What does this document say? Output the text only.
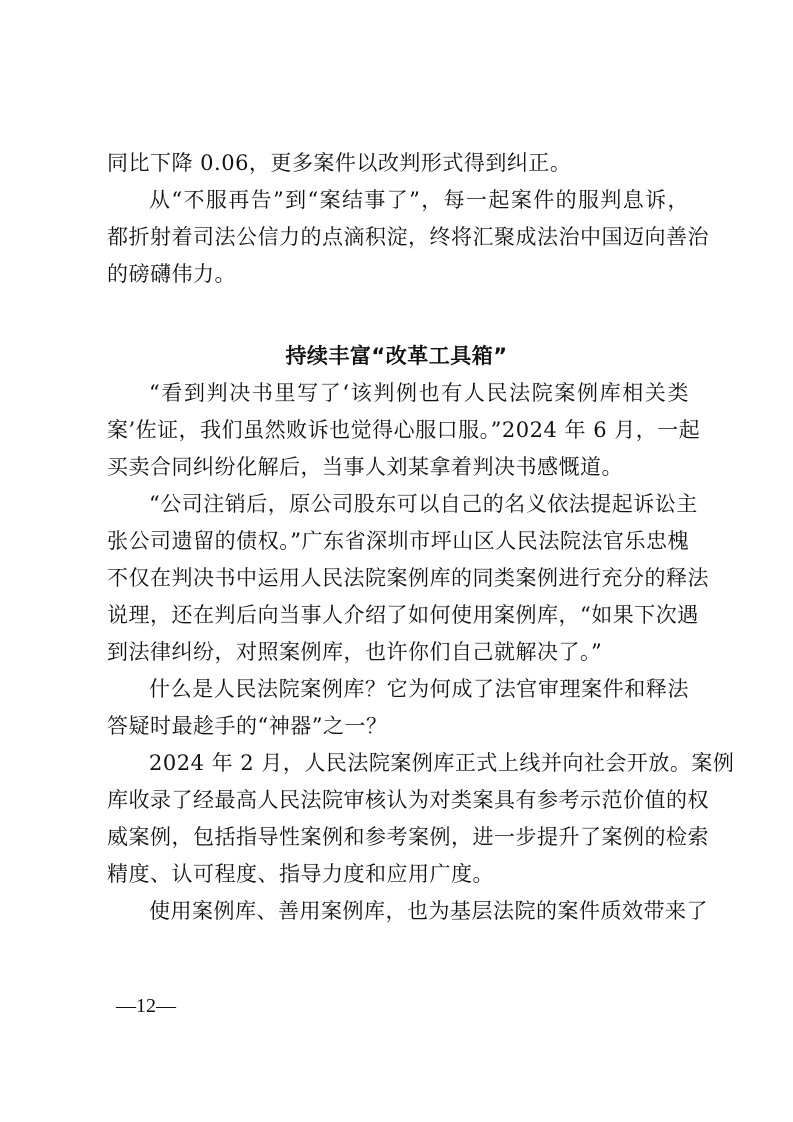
同比下降 0.06，更多案件以改判形式得到纠正。
从“不服再告”到“案结事了”，每一起案件的服判息诉，
都折射着司法公信力的点滴积淀，终将汇聚成法治中国迈向善治
的磅礴伟力。
持续丰富“改革工具箱”
“看到判决书里写了‘该判例也有人民法院案例库相关类
案’佐证，我们虽然败诉也觉得心服口服。”2024 年 6 月，一起
买卖合同纠纷化解后，当事人刘某拿着判决书感慨道。
“公司注销后，原公司股东可以自己的名义依法提起诉讼主
张公司遗留的债权。”广东省深圳市坪山区人民法院法官乐忠槐
不仅在判决书中运用人民法院案例库的同类案例进行充分的释法
说理，还在判后向当事人介绍了如何使用案例库，“如果下次遇
到法律纠纷，对照案例库，也许你们自己就解决了。”
什么是人民法院案例库？它为何成了法官审理案件和释法
答疑时最趁手的“神器”之一？
2024 年 2 月，人民法院案例库正式上线并向社会开放。案例
库收录了经最高人民法院审核认为对类案具有参考示范价值的权
威案例，包括指导性案例和参考案例，进一步提升了案例的检索
精度、认可程度、指导力度和应用广度。
使用案例库、善用案例库，也为基层法院的案件质效带来了
—12—
